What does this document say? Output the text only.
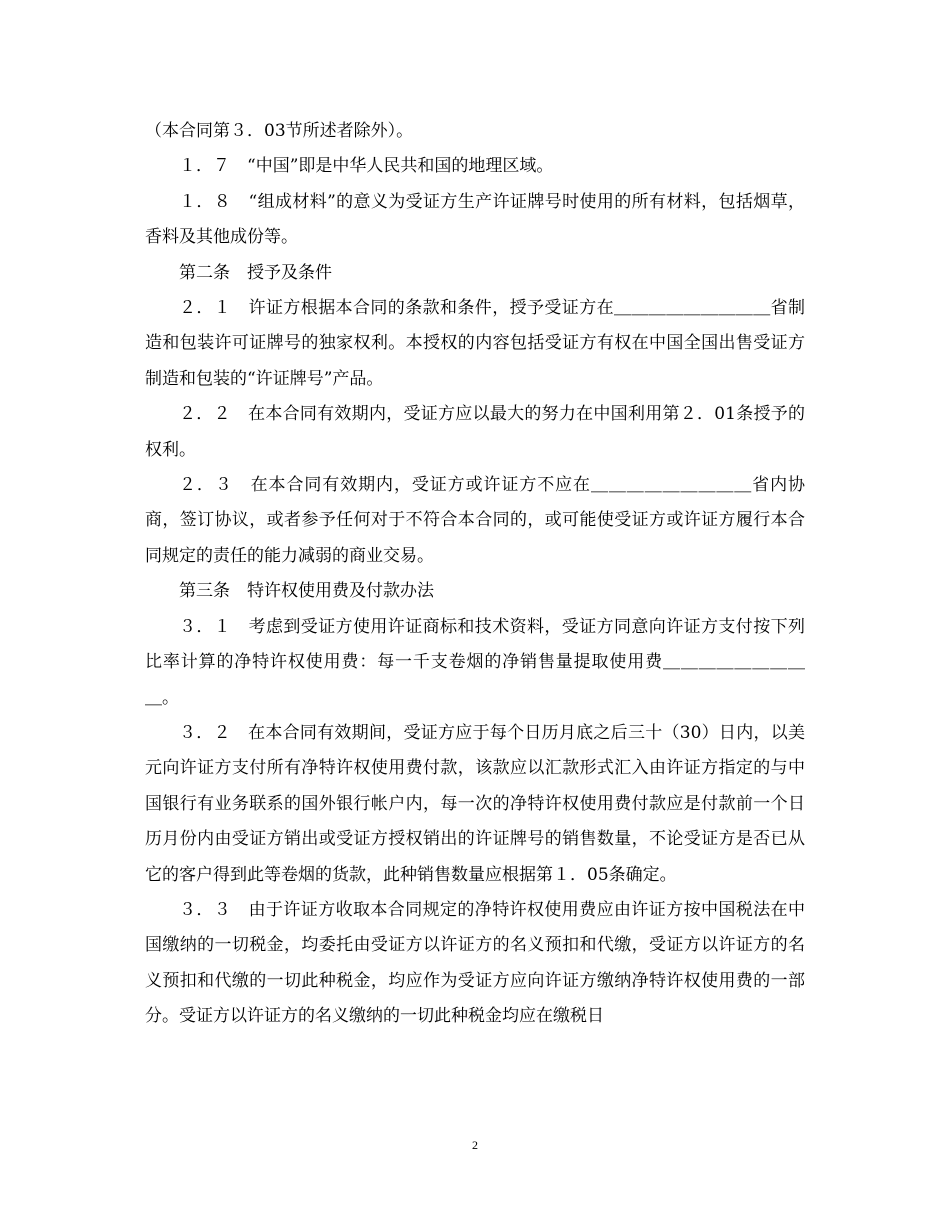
（本合同第３．03节所述者除外）。

１．７　“中国”即是中华人民共和国的地理区域。

１．８　“组成材料”的意义为受证方生产许证牌号时使用的所有材料，包括烟草，香料及其他成份等。

第二条　授予及条件

２．１　许证方根据本合同的条款和条件，授予受证方在＿＿＿＿＿＿＿＿＿省制造和包装许可证牌号的独家权利。本授权的内容包括受证方有权在中国全国出售受证方制造和包装的“许证牌号”产品。

２．２　在本合同有效期内，受证方应以最大的努力在中国利用第２．01条授予的权利。

２．３　在本合同有效期内，受证方或许证方不应在＿＿＿＿＿＿＿＿＿省内协商，签订协议，或者参予任何对于不符合本合同的，或可能使受证方或许证方履行本合同规定的责任的能力减弱的商业交易。

第三条　特许权使用费及付款办法

３．１　考虑到受证方使用许证商标和技术资料，受证方同意向许证方支付按下列比率计算的净特许权使用费：每一千支卷烟的净销售量提取使用费＿＿＿＿＿＿＿＿＿。

３．２　在本合同有效期间，受证方应于每个日历月底之后三十（30）日内，以美元向许证方支付所有净特许权使用费付款，该款应以汇款形式汇入由许证方指定的与中国银行有业务联系的国外银行帐户内，每一次的净特许权使用费付款应是付款前一个日历月份内由受证方销出或受证方授权销出的许证牌号的销售数量，不论受证方是否已从它的客户得到此等卷烟的货款，此种销售数量应根据第１．05条确定。

３．３　由于许证方收取本合同规定的净特许权使用费应由许证方按中国税法在中国缴纳的一切税金，均委托由受证方以许证方的名义预扣和代缴，受证方以许证方的名义预扣和代缴的一切此种税金，均应作为受证方应向许证方缴纳净特许权使用费的一部分。受证方以许证方的名义缴纳的一切此种税金均应在缴税日

2
